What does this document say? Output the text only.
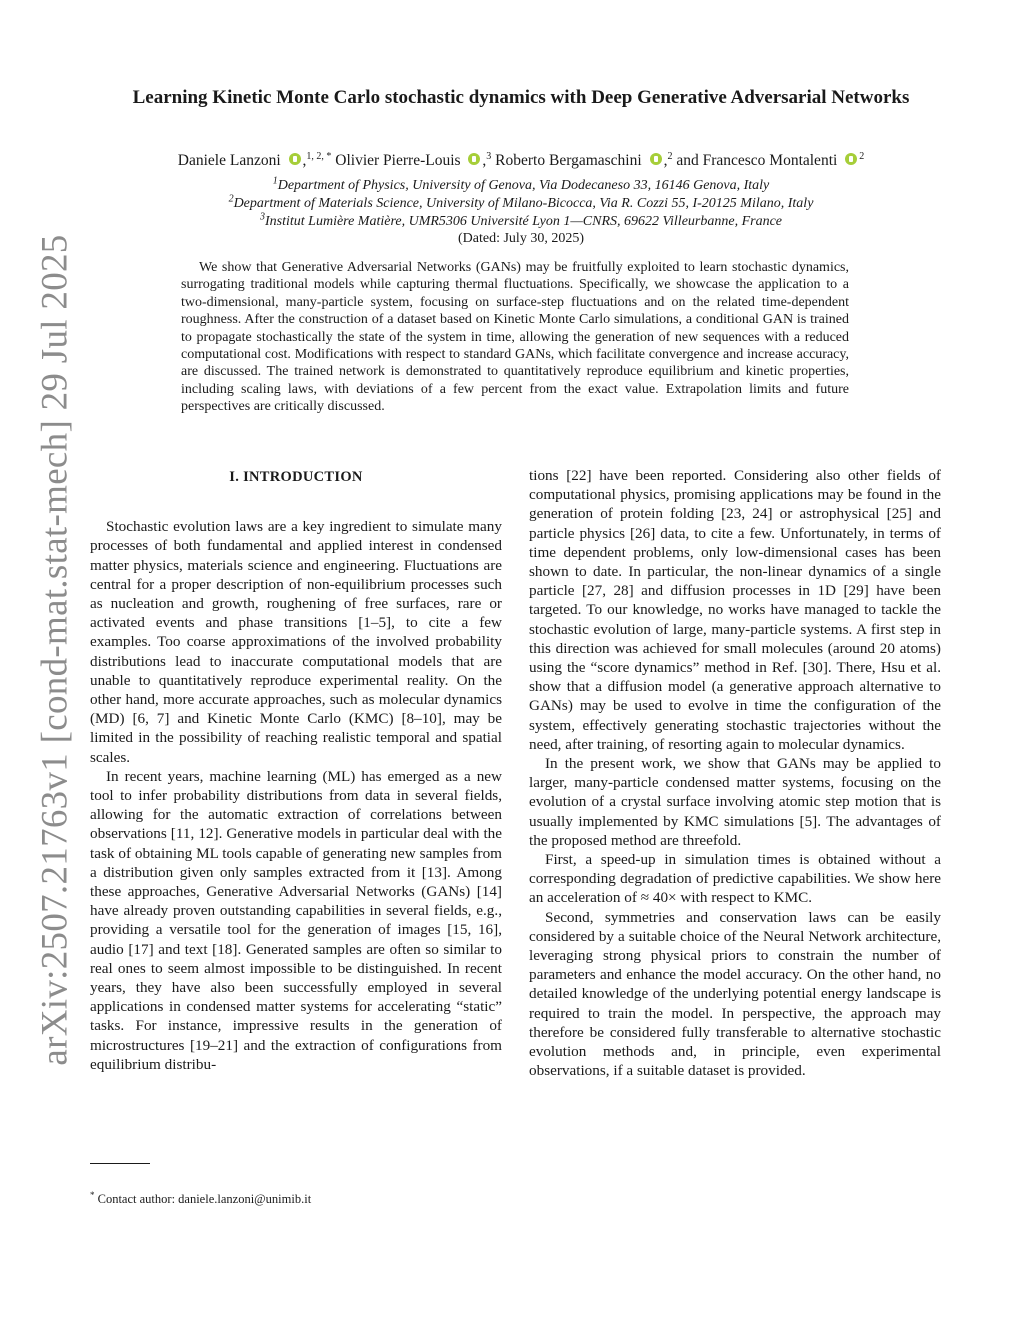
arXiv:2507.21763v1 [cond-mat.stat-mech] 29 Jul 2025
Learning Kinetic Monte Carlo stochastic dynamics with Deep Generative Adversarial Networks
Daniele Lanzoni ,$^{1, 2, *}$ Olivier Pierre-Louis ,$^3$ Roberto Bergamaschini ,$^2$ and Francesco Montalenti $^2$
$^1$Department of Physics, University of Genova, Via Dodecaneso 33, 16146 Genova, Italy
$^2$Department of Materials Science, University of Milano-Bicocca, Via R. Cozzi 55, I-20125 Milano, Italy
$^3$Institut Lumière Matière, UMR5306 Université Lyon 1—CNRS, 69622 Villeurbanne, France
(Dated: July 30, 2025)

We show that Generative Adversarial Networks (GANs) may be fruitfully exploited to learn stochastic dynamics, surrogating traditional models while capturing thermal fluctuations. Specifically, we showcase the application to a two-dimensional, many-particle system, focusing on surface-step fluctuations and on the related time-dependent roughness. After the construction of a dataset based on Kinetic Monte Carlo simulations, a conditional GAN is trained to propagate stochastically the state of the system in time, allowing the generation of new sequences with a reduced computational cost. Modifications with respect to standard GANs, which facilitate convergence and increase accuracy, are discussed. The trained network is demonstrated to quantitatively reproduce equilibrium and kinetic properties, including scaling laws, with deviations of a few percent from the exact value. Extrapolation limits and future perspectives are critically discussed.

I. INTRODUCTION

Stochastic evolution laws are a key ingredient to simulate many processes of both fundamental and applied interest in condensed matter physics, materials science and engineering. Fluctuations are central for a proper description of non-equilibrium processes such as nucleation and growth, roughening of free surfaces, rare or activated events and phase transitions [1–5], to cite a few examples. Too coarse approximations of the involved probability distributions lead to inaccurate computational models that are unable to quantitatively reproduce experimental reality. On the other hand, more accurate approaches, such as molecular dynamics (MD) [6, 7] and Kinetic Monte Carlo (KMC) [8–10], may be limited in the possibility of reaching realistic temporal and spatial scales.

In recent years, machine learning (ML) has emerged as a new tool to infer probability distributions from data in several fields, allowing for the automatic extraction of correlations between observations [11, 12]. Generative models in particular deal with the task of obtaining ML tools capable of generating new samples from a distribution given only samples extracted from it [13]. Among these approaches, Generative Adversarial Networks (GANs) [14] have already proven outstanding capabilities in several fields, e.g., providing a versatile tool for the generation of images [15, 16], audio [17] and text [18]. Generated samples are often so similar to real ones to seem almost impossible to be distinguished. In recent years, they have also been successfully employed in several applications in condensed matter systems for accelerating “static” tasks. For instance, impressive results in the generation of microstructures [19–21] and the extraction of configurations from equilibrium distribu-

tions [22] have been reported. Considering also other fields of computational physics, promising applications may be found in the generation of protein folding [23, 24] or astrophysical [25] and particle physics [26] data, to cite a few. Unfortunately, in terms of time dependent problems, only low-dimensional cases has been shown to date. In particular, the non-linear dynamics of a single particle [27, 28] and diffusion processes in 1D [29] have been targeted. To our knowledge, no works have managed to tackle the stochastic evolution of large, many-particle systems. A first step in this direction was achieved for small molecules (around 20 atoms) using the “score dynamics” method in Ref. [30]. There, Hsu et al. show that a diffusion model (a generative approach alternative to GANs) may be used to evolve in time the configuration of the system, effectively generating stochastic trajectories without the need, after training, of resorting again to molecular dynamics.

In the present work, we show that GANs may be applied to larger, many-particle condensed matter systems, focusing on the evolution of a crystal surface involving atomic step motion that is usually implemented by KMC simulations [5]. The advantages of the proposed method are threefold.

First, a speed-up in simulation times is obtained without a corresponding degradation of predictive capabilities. We show here an acceleration of ≈ 40× with respect to KMC.

Second, symmetries and conservation laws can be easily considered by a suitable choice of the Neural Network architecture, leveraging strong physical priors to constrain the number of parameters and enhance the model accuracy. On the other hand, no detailed knowledge of the underlying potential energy landscape is required to train the model. In perspective, the approach may therefore be considered fully transferable to alternative stochastic evolution methods and, in principle, even experimental observations, if a suitable dataset is provided.

* Contact author: daniele.lanzoni@unimib.it
